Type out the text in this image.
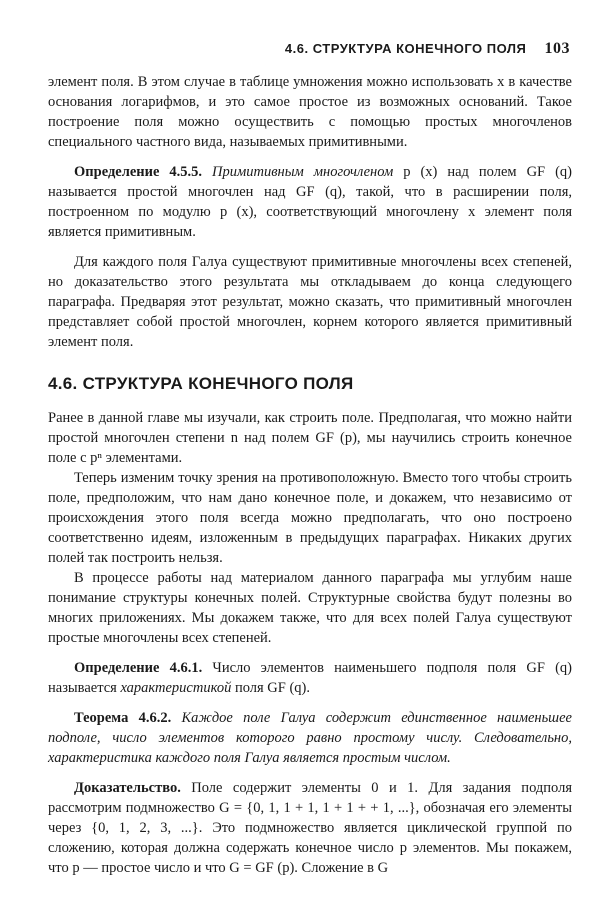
4.6. СТРУКТУРА КОНЕЧНОГО ПОЛЯ 103

элемент поля. В этом случае в таблице умножения можно использовать x в качестве основания логарифмов, и это самое простое из возможных оснований. Такое построение поля можно осуществить с помощью простых многочленов специального частного вида, называемых примитивными.

Определение 4.5.5. Примитивным многочленом p (x) над полем GF (q) называется простой многочлен над GF (q), такой, что в расширении поля, построенном по модулю p (x), соответствующий многочлену x элемент поля является примитивным.

Для каждого поля Галуа существуют примитивные многочлены всех степеней, но доказательство этого результата мы откладываем до конца следующего параграфа. Предваряя этот результат, можно сказать, что примитивный многочлен представляет собой простой многочлен, корнем которого является примитивный элемент поля.

4.6. СТРУКТУРА КОНЕЧНОГО ПОЛЯ

Ранее в данной главе мы изучали, как строить поле. Предполагая, что можно найти простой многочлен степени n над полем GF (p), мы научились строить конечное поле с pⁿ элементами.

Теперь изменим точку зрения на противоположную. Вместо того чтобы строить поле, предположим, что нам дано конечное поле, и докажем, что независимо от происхождения этого поля всегда можно предполагать, что оно построено соответственно идеям, изложенным в предыдущих параграфах. Никаких других полей так построить нельзя.

В процессе работы над материалом данного параграфа мы углубим наше понимание структуры конечных полей. Структурные свойства будут полезны во многих приложениях. Мы докажем также, что для всех полей Галуа существуют простые многочлены всех степеней.

Определение 4.6.1. Число элементов наименьшего подполя поля GF (q) называется характеристикой поля GF (q).

Теорема 4.6.2. Каждое поле Галуа содержит единственное наименьшее подполе, число элементов которого равно простому числу. Следовательно, характеристика каждого поля Галуа является простым числом.

Доказательство. Поле содержит элементы 0 и 1. Для задания подполя рассмотрим подмножество G = {0, 1, 1 + 1, 1 + 1 + + 1, ...}, обозначая его элементы через {0, 1, 2, 3, ...}. Это подмножество является циклической группой по сложению, которая должна содержать конечное число p элементов. Мы покажем, что p — простое число и что G = GF (p). Сложение в G
